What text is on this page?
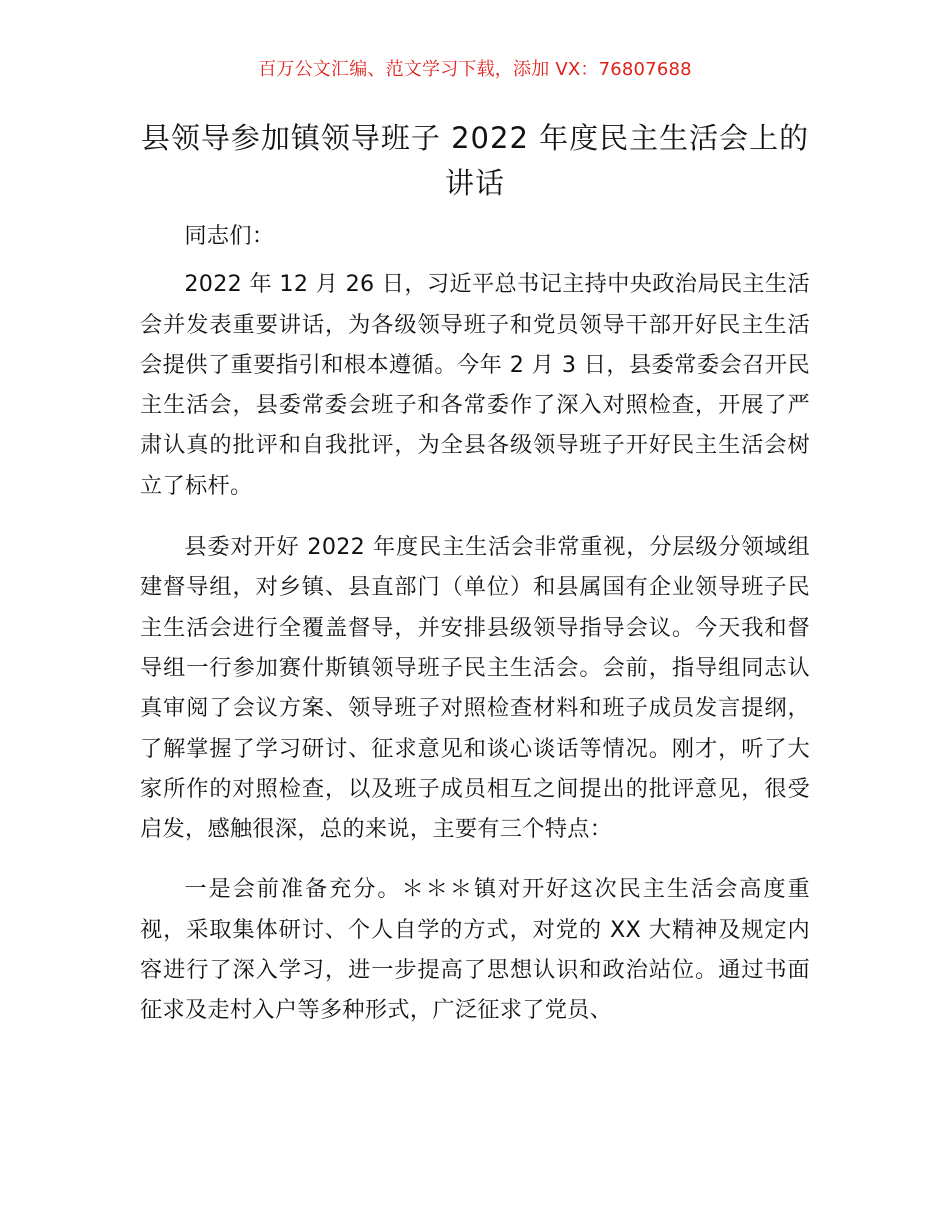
百万公文汇编、范文学习下载，添加 VX：76807688
县领导参加镇领导班子 2022 年度民主生活会上的讲话

同志们：

2022 年 12 月 26 日，习近平总书记主持中央政治局民主生活会并发表重要讲话，为各级领导班子和党员领导干部开好民主生活会提供了重要指引和根本遵循。今年 2 月 3 日，县委常委会召开民主生活会，县委常委会班子和各常委作了深入对照检查，开展了严肃认真的批评和自我批评，为全县各级领导班子开好民主生活会树立了标杆。

县委对开好 2022 年度民主生活会非常重视，分层级分领域组建督导组，对乡镇、县直部门（单位）和县属国有企业领导班子民主生活会进行全覆盖督导，并安排县级领导指导会议。今天我和督导组一行参加赛什斯镇领导班子民主生活会。会前，指导组同志认真审阅了会议方案、领导班子对照检查材料和班子成员发言提纲，了解掌握了学习研讨、征求意见和谈心谈话等情况。刚才，听了大家所作的对照检查，以及班子成员相互之间提出的批评意见，很受启发，感触很深，总的来说，主要有三个特点：

一是会前准备充分。＊＊＊镇对开好这次民主生活会高度重视，采取集体研讨、个人自学的方式，对党的 XX 大精神及规定内容进行了深入学习，进一步提高了思想认识和政治站位。通过书面征求及走村入户等多种形式，广泛征求了党员、
